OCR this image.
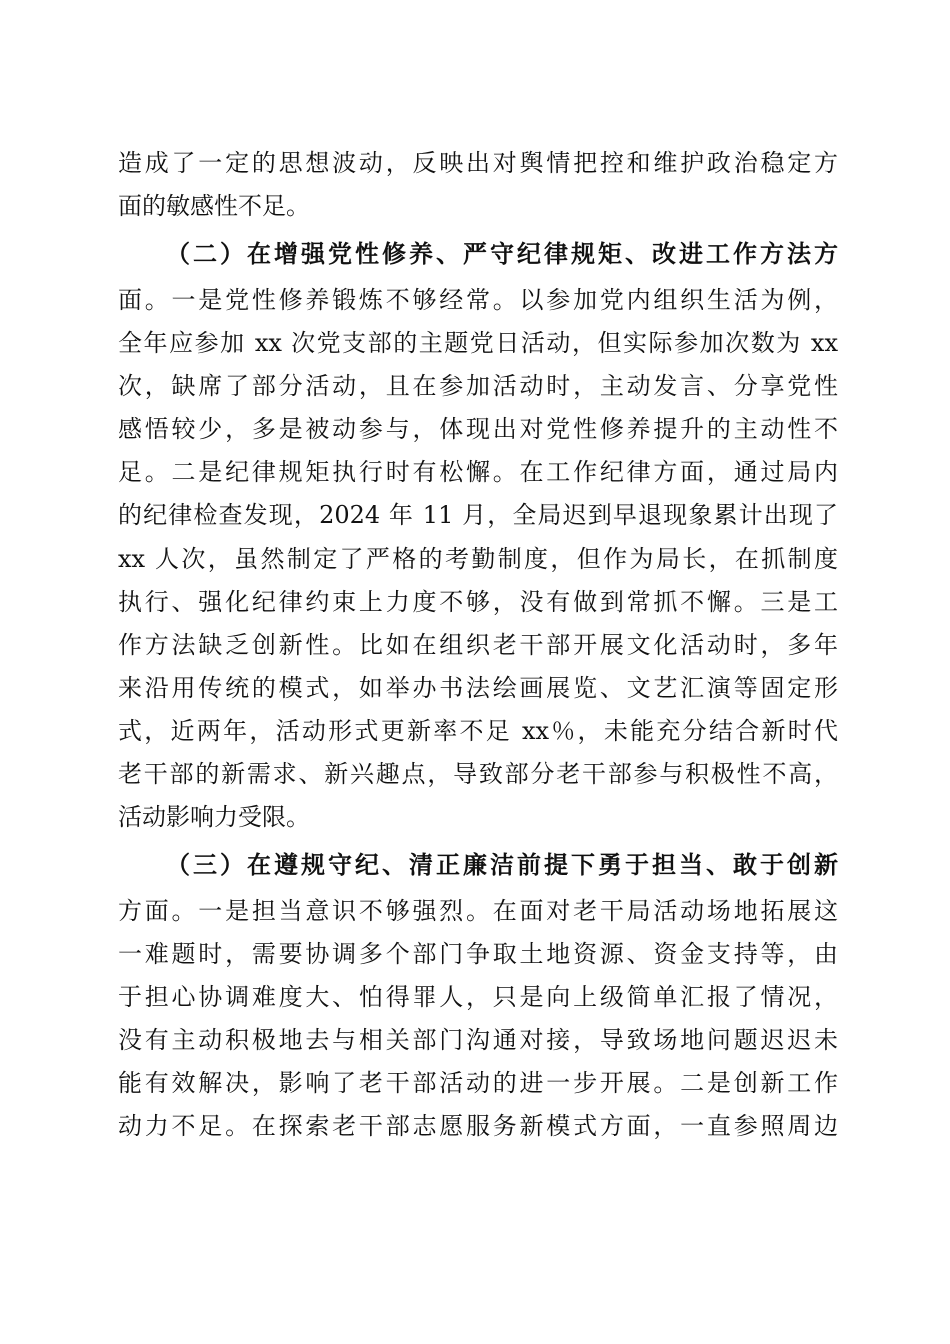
造成了一定的思想波动，反映出对舆情把控和维护政治稳定方
面的敏感性不足。
（二）在增强党性修养、严守纪律规矩、改进工作方法方
面。一是党性修养锻炼不够经常。以参加党内组织生活为例，
全年应参加 xx 次党支部的主题党日活动，但实际参加次数为 xx
次，缺席了部分活动，且在参加活动时，主动发言、分享党性
感悟较少，多是被动参与，体现出对党性修养提升的主动性不
足。二是纪律规矩执行时有松懈。在工作纪律方面，通过局内
的纪律检查发现，2024 年 11 月，全局迟到早退现象累计出现了
xx 人次，虽然制定了严格的考勤制度，但作为局长，在抓制度
执行、强化纪律约束上力度不够，没有做到常抓不懈。三是工
作方法缺乏创新性。比如在组织老干部开展文化活动时，多年
来沿用传统的模式，如举办书法绘画展览、文艺汇演等固定形
式，近两年，活动形式更新率不足 xx％，未能充分结合新时代
老干部的新需求、新兴趣点，导致部分老干部参与积极性不高，
活动影响力受限。
（三）在遵规守纪、清正廉洁前提下勇于担当、敢于创新
方面。一是担当意识不够强烈。在面对老干局活动场地拓展这
一难题时，需要协调多个部门争取土地资源、资金支持等，由
于担心协调难度大、怕得罪人，只是向上级简单汇报了情况，
没有主动积极地去与相关部门沟通对接，导致场地问题迟迟未
能有效解决，影响了老干部活动的进一步开展。二是创新工作
动力不足。在探索老干部志愿服务新模式方面，一直参照周边
